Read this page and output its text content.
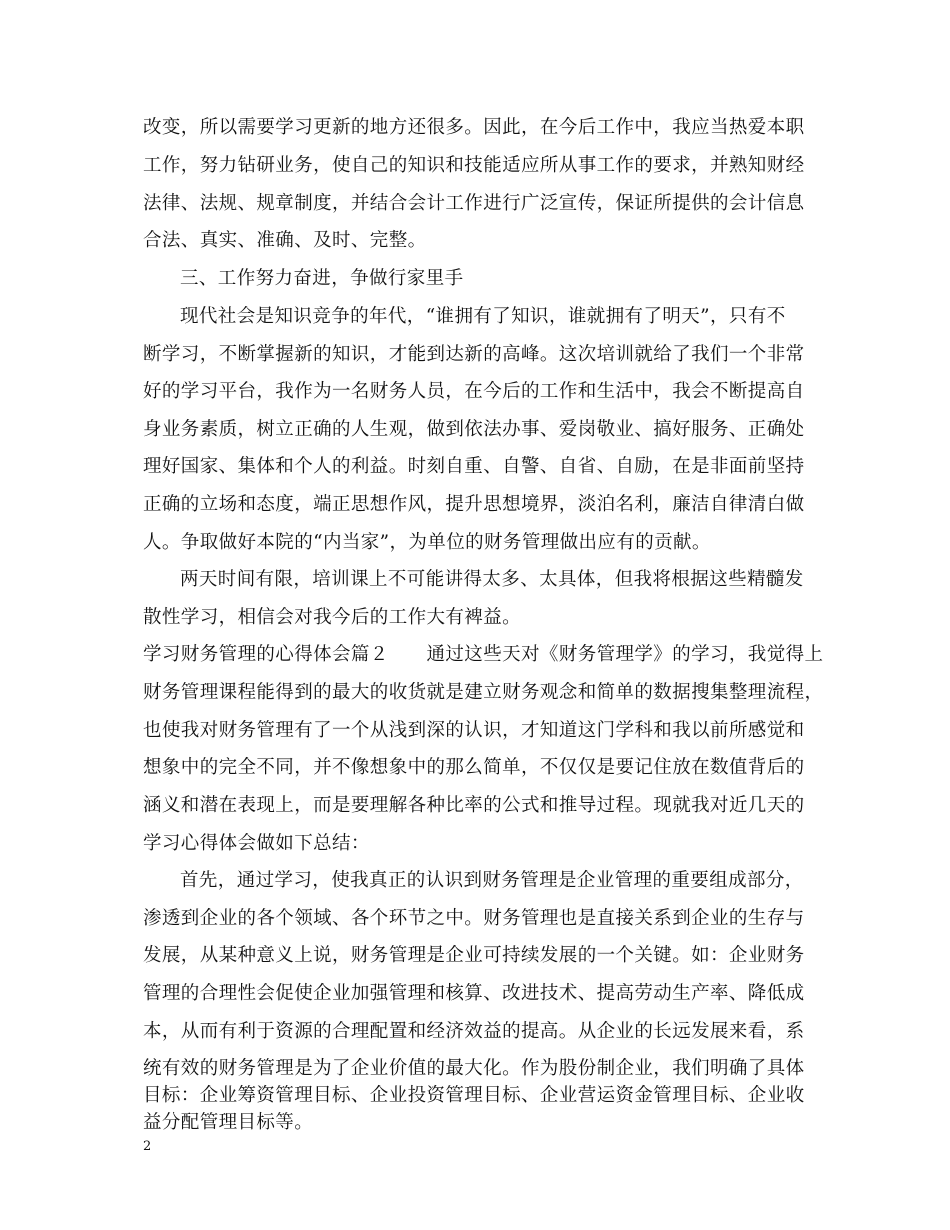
改变，所以需要学习更新的地方还很多。因此，在今后工作中，我应当热爱本职
工作，努力钻研业务，使自己的知识和技能适应所从事工作的要求，并熟知财经
法律、法规、规章制度，并结合会计工作进行广泛宣传，保证所提供的会计信息
合法、真实、准确、及时、完整。
三、工作努力奋进，争做行家里手
现代社会是知识竞争的年代，“谁拥有了知识，谁就拥有了明天”，只有不
断学习，不断掌握新的知识，才能到达新的高峰。这次培训就给了我们一个非常
好的学习平台，我作为一名财务人员，在今后的工作和生活中，我会不断提高自
身业务素质，树立正确的人生观，做到依法办事、爱岗敬业、搞好服务、正确处
理好国家、集体和个人的利益。时刻自重、自警、自省、自励，在是非面前坚持
正确的立场和态度，端正思想作风，提升思想境界，淡泊名利，廉洁自律清白做
人。争取做好本院的“内当家”，为单位的财务管理做出应有的贡献。
两天时间有限，培训课上不可能讲得太多、太具体，但我将根据这些精髓发
散性学习，相信会对我今后的工作大有裨益。
学习财务管理的心得体会篇２　　通过这些天对《财务管理学》的学习，我觉得上
财务管理课程能得到的最大的收货就是建立财务观念和简单的数据搜集整理流程，
也使我对财务管理有了一个从浅到深的认识，才知道这门学科和我以前所感觉和
想象中的完全不同，并不像想象中的那么简单，不仅仅是要记住放在数值背后的
涵义和潜在表现上，而是要理解各种比率的公式和推导过程。现就我对近几天的
学习心得体会做如下总结：
首先，通过学习，使我真正的认识到财务管理是企业管理的重要组成部分，
渗透到企业的各个领域、各个环节之中。财务管理也是直接关系到企业的生存与
发展，从某种意义上说，财务管理是企业可持续发展的一个关键。如：企业财务
管理的合理性会促使企业加强管理和核算、改进技术、提高劳动生产率、降低成
本，从而有利于资源的合理配置和经济效益的提高。从企业的长远发展来看，系
统有效的财务管理是为了企业价值的最大化。作为股份制企业，我们明确了具体
目标：企业筹资管理目标、企业投资管理目标、企业营运资金管理目标、企业收
2
益分配管理目标等。
